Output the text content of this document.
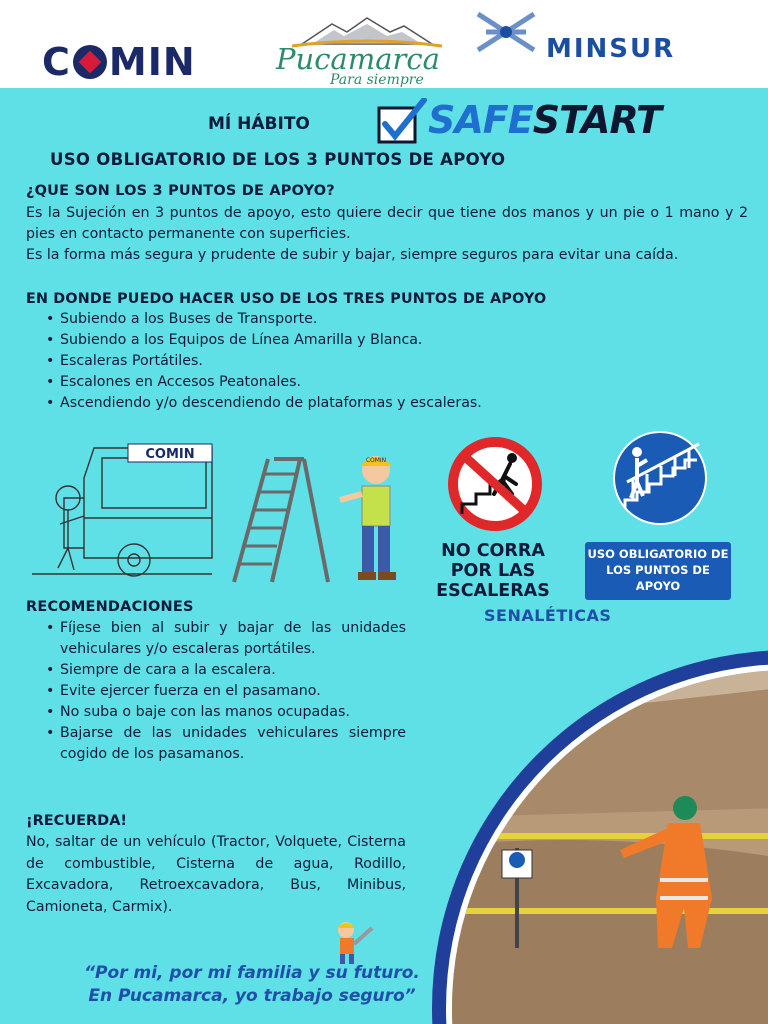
C MIN	Pucamarca
Para siempre
MINSUR
MÍ HÁBITO	SAFESTART
USO OBLIGATORIO DE LOS 3 PUNTOS DE APOYO
¿QUE SON LOS 3 PUNTOS DE APOYO?
Es la Sujeción en 3 puntos de apoyo, esto quiere decir que tiene dos manos y un pie o 1 mano y 2 pies en contacto permanente con superficies.
Es la forma más segura y prudente de subir y bajar, siempre seguros para evitar una caída.
EN DONDE PUEDO HACER USO DE LOS TRES PUNTOS DE APOYO
• Subiendo a los Buses de Transporte.
• Subiendo a los Equipos de Línea Amarilla y Blanca.
• Escaleras Portátiles.
• Escalones en Accesos Peatonales.
• Ascendiendo y/o descendiendo de plataformas y escaleras.
COMIN	COMIN
NO CORRA POR LAS ESCALERAS
USO OBLIGATORIO DE LOS PUNTOS DE APOYO
SENALÉTICAS
RECOMENDACIONES
• Fíjese bien al subir y bajar de las unidades vehiculares y/o escaleras portátiles.
• Siempre de cara a la escalera.
• Evite ejercer fuerza en el pasamano.
• No suba o baje con las manos ocupadas.
• Bajarse de las unidades vehiculares siempre cogido de los pasamanos.
¡RECUERDA!
No, saltar de un vehículo (Tractor, Volquete, Cisterna de combustible, Cisterna de agua, Rodillo, Excavadora, Retroexcavadora, Bus, Minibus, Camioneta, Carmix).
“Por mi, por mi familia y su futuro.
En Pucamarca, yo trabajo seguro”
